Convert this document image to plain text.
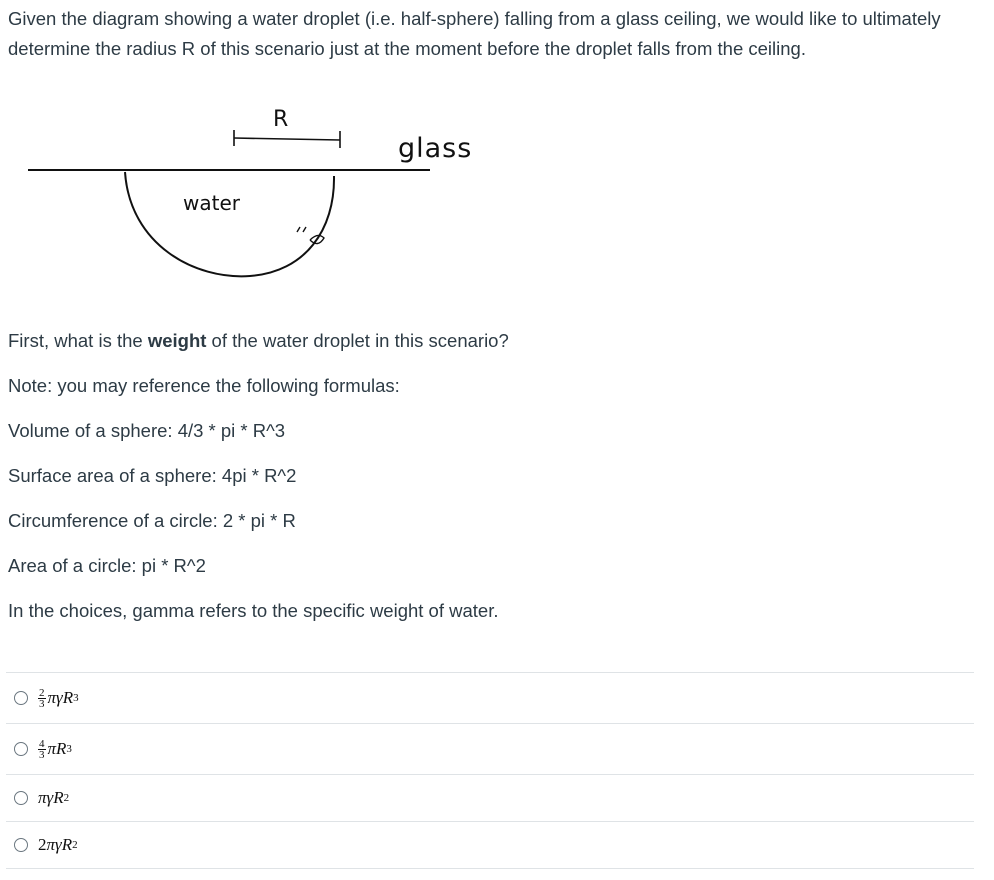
Given the diagram showing a water droplet (i.e. half-sphere) falling from a glass ceiling, we would like to ultimately determine the radius R of this scenario just at the moment before the droplet falls from the ceiling.

R
glass
water

First, what is the weight of the water droplet in this scenario?

Note: you may reference the following formulas:

Volume of a sphere: 4/3 * pi * R^3

Surface area of a sphere: 4pi * R^2

Circumference of a circle: 2 * pi * R

Area of a circle: pi * R^2

In the choices, gamma refers to the specific weight of water.

$\frac{2}{3}$ πγR 3
$\frac{4}{3}$ πR 3
πγR 2
2 πγR 2
